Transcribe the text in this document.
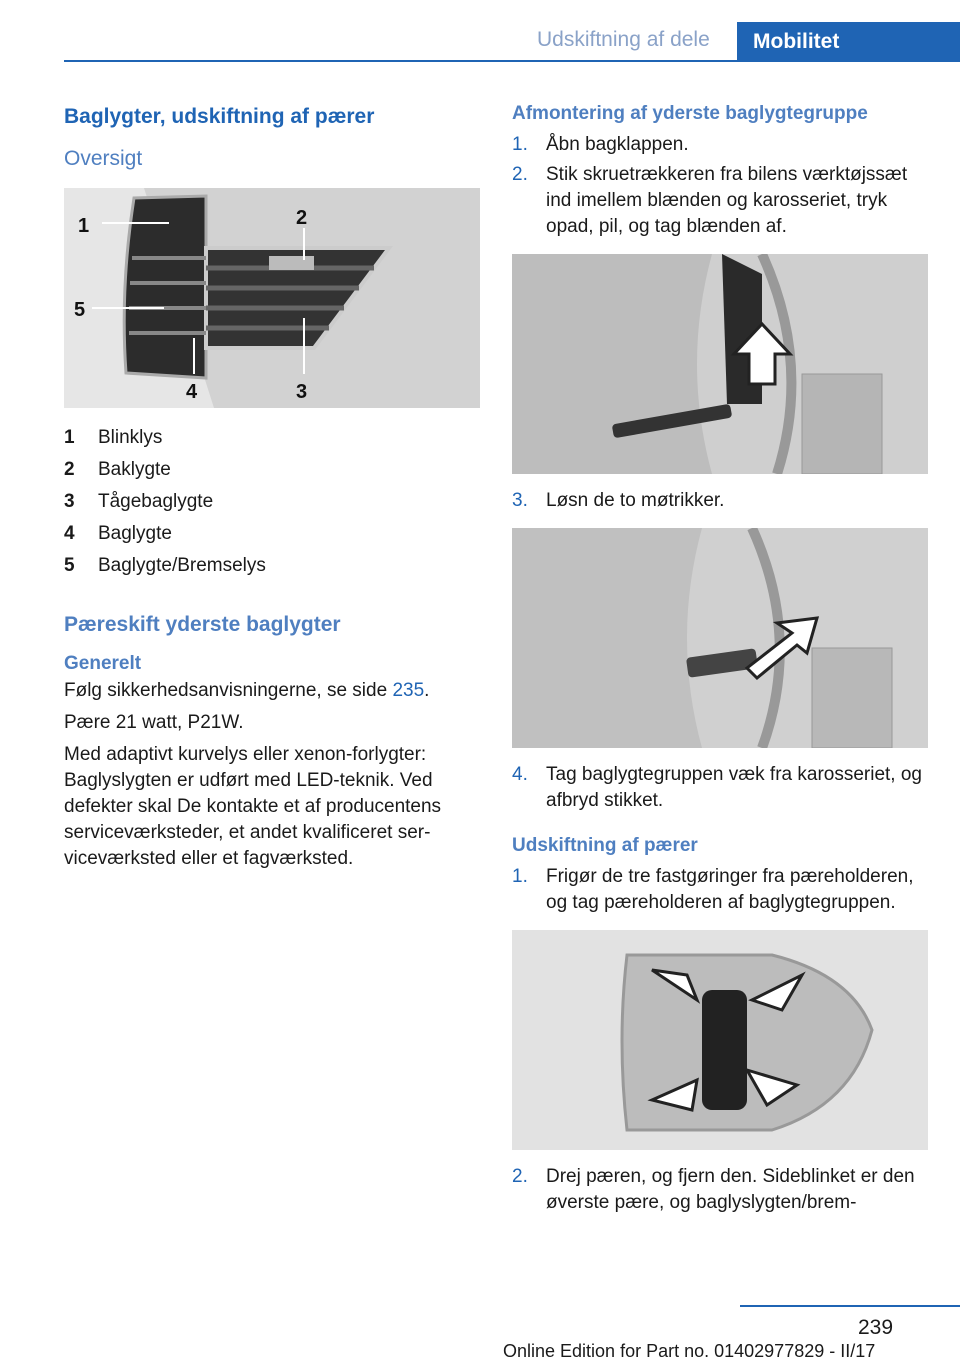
Udskiftning af dele	Mobilitet
Baglygter, udskiftning af pærer
Oversigt
1	2
3
4
5
1	Blinklys
2	Baklygte
3	Tågebaglygte
4	Baglygte
5	Baglygte/Bremselys
Pæreskift yderste baglygter
Generelt

Følg sikkerhedsanvisningerne, se side 235.

Pære 21 watt, P21W.

Med adaptivt kurvelys eller xenon-forlygter: Baglyslygten er udført med LED-teknik. Ved defekter skal De kontakte et af producentens serviceværksteder, et andet kvalificeret serviceværksted eller et fagværksted.

Afmontering af yderste baglygtegruppe
1. Åbn bagklappen.
2. Stik skruetrækkeren fra bilens værktøjssæt ind imellem blænden og karosseriet, tryk opad, pil, og tag blænden af.
3. Løsn de to møtrikker.
4. Tag baglygtegruppen væk fra karosseriet, og afbryd stikket.
Udskiftning af pærer
1. Frigør de tre fastgøringer fra pæreholderen, og tag pæreholderen af baglygtegruppen.
2. Drej pæren, og fjern den. Sideblinket er den øverste pære, og baglyslygten/brem-
239
Online Edition for Part no. 01402977829 - II/17
